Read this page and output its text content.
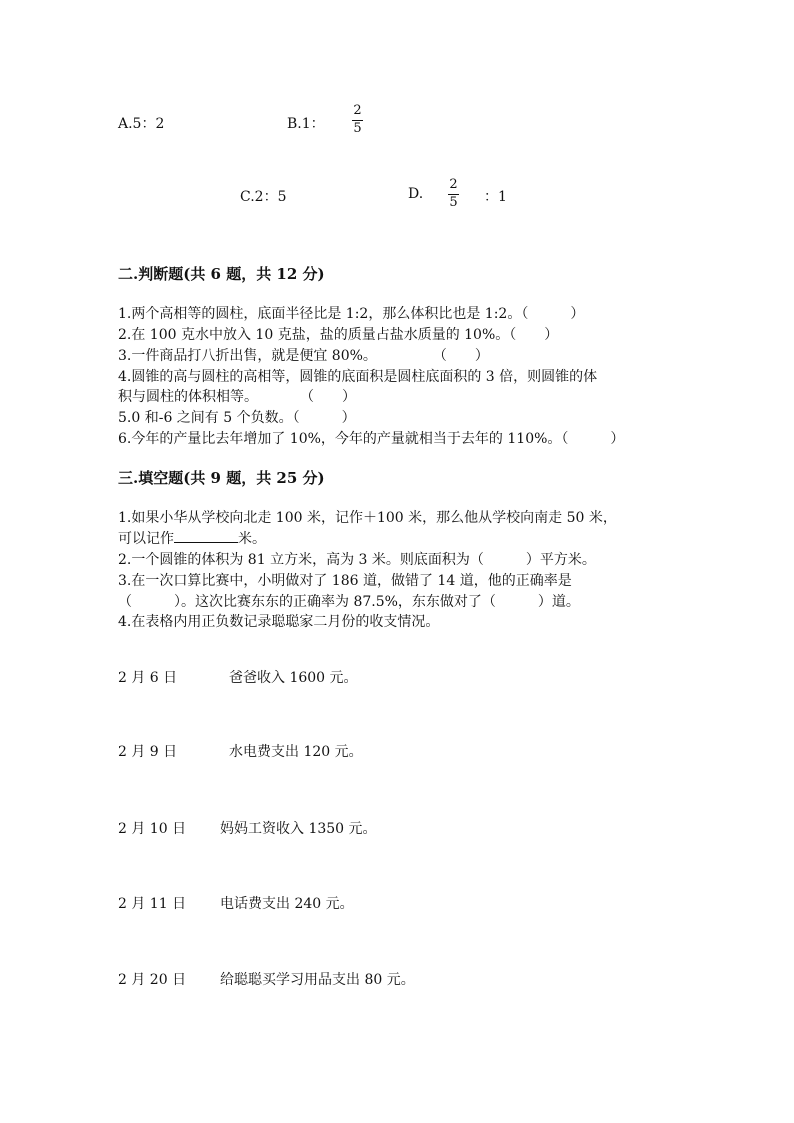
A.5：2	B.1：
2
5
C.2：5	D.
2
5 ：1
二.判断题(共 6 题，共 12 分)
1.两个高相等的圆柱，底面半径比是 1:2，那么体积比也是 1:2。（　　　）
2.在 100 克水中放入 10 克盐，盐的质量占盐水质量的 10%。（　　）
3.一件商品打八折出售，就是便宜 80%。　　　　　（　　）
4.圆锥的高与圆柱的高相等，圆锥的底面积是圆柱底面积的 3 倍，则圆锥的体
积与圆柱的体积相等。　　　　（　　）
5.0 和-6 之间有 5 个负数。（　　　）
6.今年的产量比去年增加了 10%，今年的产量就相当于去年的 110%。（　　　）
三.填空题(共 9 题，共 25 分)
1.如果小华从学校向北走 100 米，记作＋100 米，那么他从学校向南走 50 米，
可以记作	米。
2.一个圆锥的体积为 81 立方米，高为 3 米。则底面积为（　　　）平方米。
3.在一次口算比赛中，小明做对了 186 道，做错了 14 道，他的正确率是
（　　　）。这次比赛东东的正确率为 87.5%，东东做对了（　　　）道。
4.在表格内用正负数记录聪聪家二月份的收支情况。
2 月 6 日	爸爸收入 1600 元。
2 月 9 日	水电费支出 120 元。
2 月 10 日 妈妈工资收入 1350 元。
2 月 11 日 电话费支出 240 元。
2 月 20 日 给聪聪买学习用品支出 80 元。
